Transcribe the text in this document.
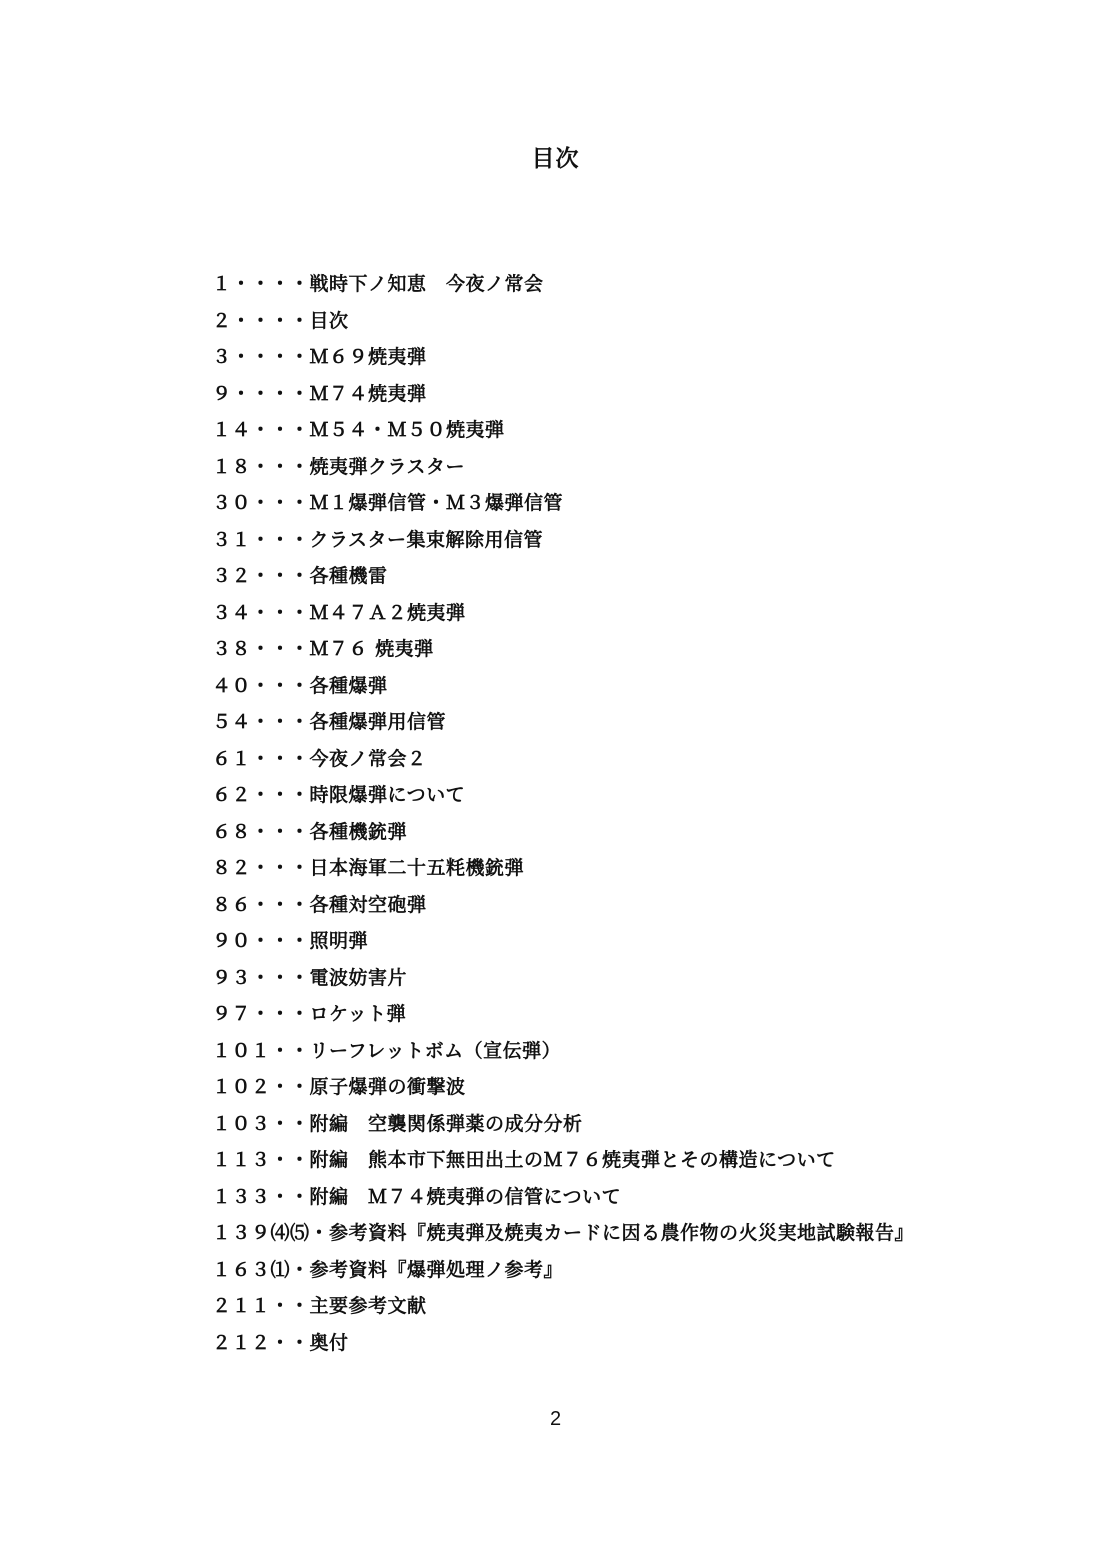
目次
１・・・・戦時下ノ知恵　今夜ノ常会
２・・・・目次
３・・・・Ｍ６９焼夷弾
９・・・・Ｍ７４焼夷弾
１４・・・Ｍ５４・Ｍ５０焼夷弾
１８・・・焼夷弾クラスター
３０・・・Ｍ１爆弾信管・Ｍ３爆弾信管
３１・・・クラスター集束解除用信管
３２・・・各種機雷
３４・・・Ｍ４７Ａ２焼夷弾
３８・・・Ｍ７６ 焼夷弾
４０・・・各種爆弾
５４・・・各種爆弾用信管
６１・・・今夜ノ常会２
６２・・・時限爆弾について
６８・・・各種機銃弾
８２・・・日本海軍二十五粍機銃弾
８６・・・各種対空砲弾
９０・・・照明弾
９３・・・電波妨害片
９７・・・ロケット弾
１０１・・リーフレットボム（宣伝弾）
１０２・・原子爆弾の衝撃波
１０３・・附編　空襲関係弾薬の成分分析
１１３・・附編　熊本市下無田出土のＭ７６焼夷弾とその構造について
１３３・・附編　Ｍ７４焼夷弾の信管について
１３９⑷⑸・参考資料『焼夷弾及焼夷カードに因る農作物の火災実地試験報告』
１６３⑴・参考資料『爆弾処理ノ参考』
２１１・・主要参考文献
２１２・・奥付
2
